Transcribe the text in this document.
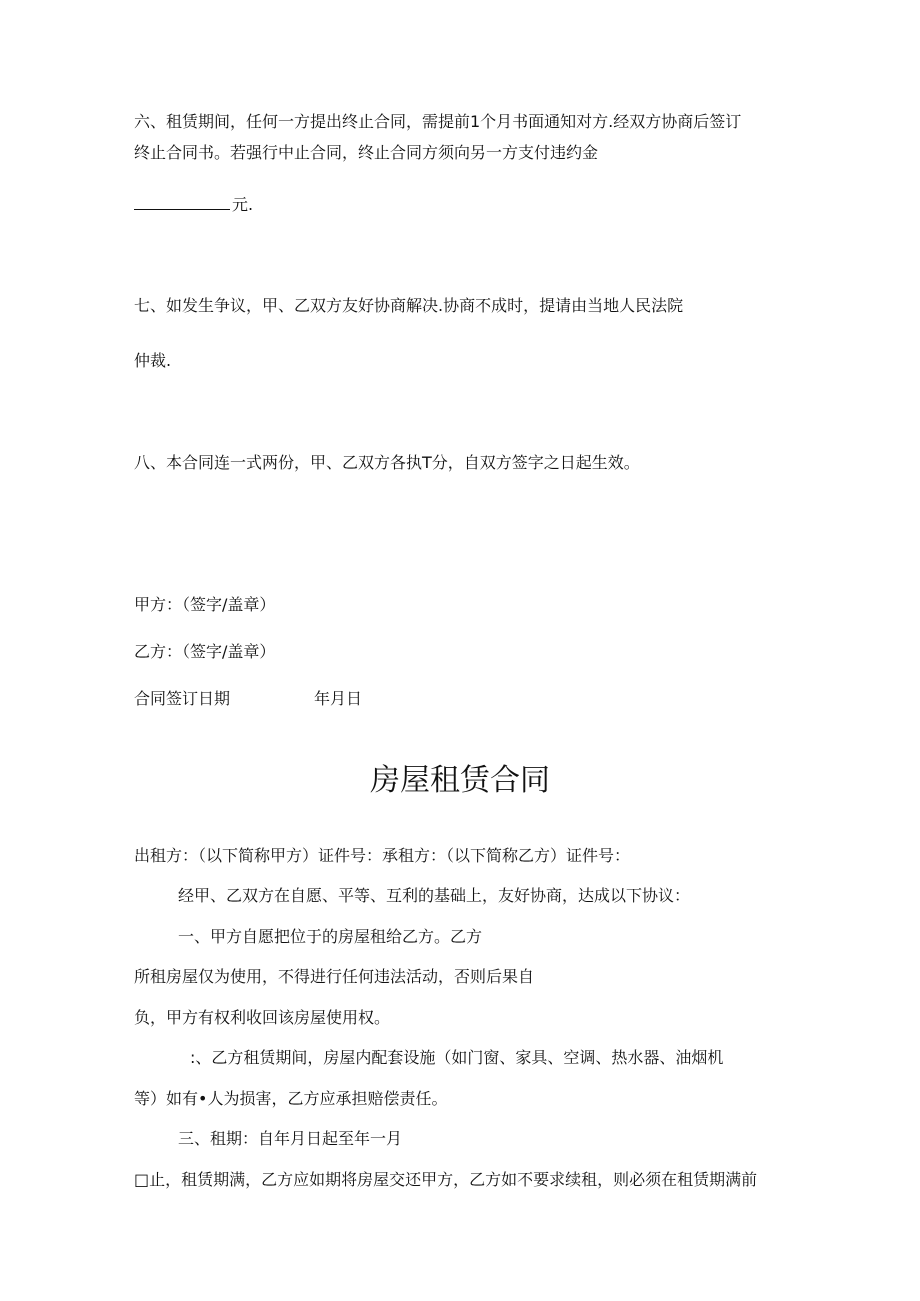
六、租赁期间，任何一方提出终止合同，需提前1个月书面通知对方.经双方协商后签订
终止合同书。若强行中止合同，终止合同方须向另一方支付违约金
元.
七、如发生争议，甲、乙双方友好协商解决.协商不成时，提请由当地人民法院
仲裁.
八、本合同连一式两份，甲、乙双方各执T分，自双方签字之日起生效。
甲方：（签字/盖章）
乙方：（签字/盖章）
合同签订日期	年月日
房屋租赁合同
出租方：（以下简称甲方）证件号：承租方：（以下简称乙方）证件号：
经甲、乙双方在自愿、平等、互利的基础上，友好协商，达成以下协议：
一、甲方自愿把位于的房屋租给乙方。乙方
所租房屋仅为使用，不得进行任何违法活动，否则后果自
负，甲方有权利收回该房屋使用权。
:、乙方租赁期间，房屋内配套设施（如门窗、家具、空调、热水器、油烟机
等）如有•人为损害，乙方应承担赔偿责任。
三、租期：自年月日起至年一月
□止，租赁期满，乙方应如期将房屋交还甲方，乙方如不要求续租，则必须在租赁期满前
